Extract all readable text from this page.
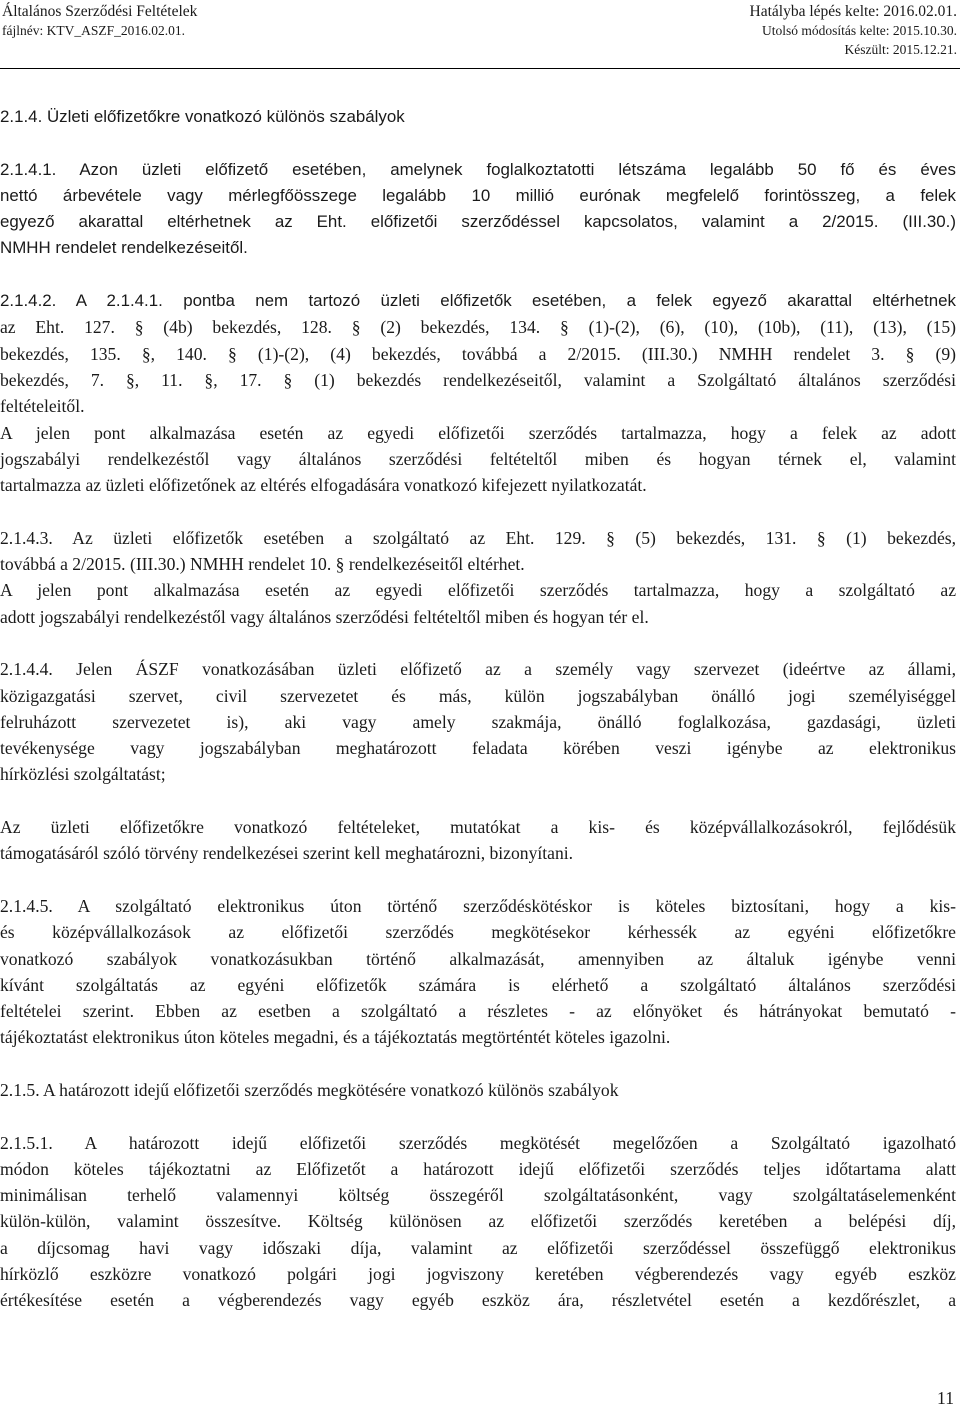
Általános Szerződési Feltételek
fájlnév: KTV_ASZF_2016.02.01.
Hatályba lépés kelte: 2016.02.01.
Utolsó módosítás kelte: 2015.10.30.
Készült: 2015.12.21.
2.1.4. Üzleti előfizetőkre vonatkozó különös szabályok
2.1.4.1. Azon üzleti előfizető esetében, amelynek foglalkoztatotti létszáma legalább 50 fő és éves
nettó árbevétele vagy mérlegfőösszege legalább 10 millió eurónak megfelelő forintösszeg, a felek
egyező akarattal eltérhetnek az Eht. előfizetői szerződéssel kapcsolatos, valamint a 2/2015. (III.30.)
NMHH rendelet rendelkezéseitől.
2.1.4.2. A 2.1.4.1. pontba nem tartozó üzleti előfizetők esetében, a felek egyező akarattal eltérhetnek
az Eht. 127. § (4b) bekezdés, 128. § (2) bekezdés, 134. § (1)-(2), (6), (10), (10b), (11), (13), (15)
bekezdés, 135. §, 140. § (1)-(2), (4) bekezdés, továbbá a 2/2015. (III.30.) NMHH rendelet 3. § (9)
bekezdés, 7. §, 11. §, 17. § (1) bekezdés rendelkezéseitől, valamint a Szolgáltató általános szerződési
feltételeitől.
A jelen pont alkalmazása esetén az egyedi előfizetői szerződés tartalmazza, hogy a felek az adott
jogszabályi rendelkezéstől vagy általános szerződési feltételtől miben és hogyan térnek el, valamint
tartalmazza az üzleti előfizetőnek az eltérés elfogadására vonatkozó kifejezett nyilatkozatát.
2.1.4.3. Az üzleti előfizetők esetében a szolgáltató az Eht. 129. § (5) bekezdés, 131. § (1) bekezdés,
továbbá a 2/2015. (III.30.) NMHH rendelet 10. § rendelkezéseitől eltérhet.
A jelen pont alkalmazása esetén az egyedi előfizetői szerződés tartalmazza, hogy a szolgáltató az
adott jogszabályi rendelkezéstől vagy általános szerződési feltételtől miben és hogyan tér el.
2.1.4.4. Jelen ÁSZF vonatkozásában üzleti előfizető az a személy vagy szervezet (ideértve az állami,
közigazgatási szervet, civil szervezetet és más, külön jogszabályban önálló jogi személyiséggel
felruházott szervezetet is), aki vagy amely szakmája, önálló foglalkozása, gazdasági, üzleti
tevékenysége vagy jogszabályban meghatározott feladata körében veszi igénybe az elektronikus
hírközlési szolgáltatást;
Az üzleti előfizetőkre vonatkozó feltételeket, mutatókat a kis- és középvállalkozásokról, fejlődésük
támogatásáról szóló törvény rendelkezései szerint kell meghatározni, bizonyítani.
2.1.4.5. A szolgáltató elektronikus úton történő szerződéskötéskor is köteles biztosítani, hogy a kis-
és középvállalkozások az előfizetői szerződés megkötésekor kérhessék az egyéni előfizetőkre
vonatkozó szabályok vonatkozásukban történő alkalmazását, amennyiben az általuk igénybe venni
kívánt szolgáltatás az egyéni előfizetők számára is elérhető a szolgáltató általános szerződési
feltételei szerint. Ebben az esetben a szolgáltató a részletes - az előnyöket és hátrányokat bemutató -
tájékoztatást elektronikus úton köteles megadni, és a tájékoztatás megtörténtét köteles igazolni.
2.1.5. A határozott idejű előfizetői szerződés megkötésére vonatkozó különös szabályok
2.1.5.1. A határozott idejű előfizetői szerződés megkötését megelőzően a Szolgáltató igazolható
módon köteles tájékoztatni az Előfizetőt a határozott idejű előfizetői szerződés teljes időtartama alatt
minimálisan terhelő valamennyi költség összegéről szolgáltatásonként, vagy szolgáltatáselemenként
külön-külön, valamint összesítve. Költség különösen az előfizetői szerződés keretében a belépési díj,
a díjcsomag havi vagy időszaki díja, valamint az előfizetői szerződéssel összefüggő elektronikus
hírközlő eszközre vonatkozó polgári jogi jogviszony keretében végberendezés vagy egyéb eszköz
értékesítése esetén a végberendezés vagy egyéb eszköz ára, részletvétel esetén a kezdőrészlet, a
11
